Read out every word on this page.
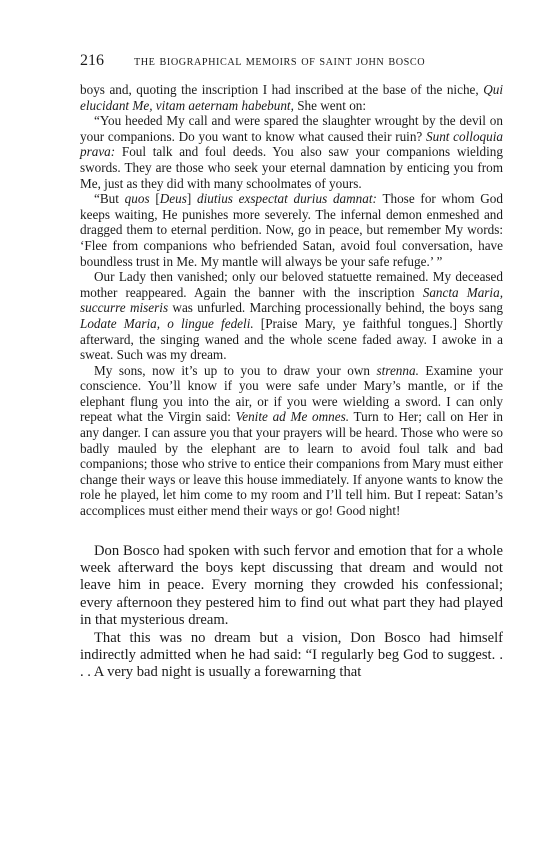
216	THE BIOGRAPHICAL MEMOIRS OF SAINT JOHN BOSCO

boys and, quoting the inscription I had inscribed at the base of the niche, Qui elucidant Me, vitam aeternam habebunt, She went on:

“You heeded My call and were spared the slaughter wrought by the devil on your companions. Do you want to know what caused their ruin? Sunt colloquia prava: Foul talk and foul deeds. You also saw your companions wielding swords. They are those who seek your eternal damnation by enticing you from Me, just as they did with many schoolmates of yours.

“But quos [Deus] diutius exspectat durius damnat: Those for whom God keeps waiting, He punishes more severely. The infernal demon enmeshed and dragged them to eternal perdition. Now, go in peace, but remember My words: ‘Flee from companions who befriended Satan, avoid foul conversation, have boundless trust in Me. My mantle will always be your safe refuge.’ ”

Our Lady then vanished; only our beloved statuette remained. My deceased mother reappeared. Again the banner with the inscription Sancta Maria, succurre miseris was unfurled. Marching processionally behind, the boys sang Lodate Maria, o lingue fedeli. [Praise Mary, ye faithful tongues.] Shortly afterward, the singing waned and the whole scene faded away. I awoke in a sweat. Such was my dream.

My sons, now it’s up to you to draw your own strenna. Examine your conscience. You’ll know if you were safe under Mary’s mantle, or if the elephant flung you into the air, or if you were wielding a sword. I can only repeat what the Virgin said: Venite ad Me omnes. Turn to Her; call on Her in any danger. I can assure you that your prayers will be heard. Those who were so badly mauled by the elephant are to learn to avoid foul talk and bad companions; those who strive to entice their companions from Mary must either change their ways or leave this house immediately. If anyone wants to know the role he played, let him come to my room and I’ll tell him. But I repeat: Satan’s accomplices must either mend their ways or go! Good night!

Don Bosco had spoken with such fervor and emotion that for a whole week afterward the boys kept discussing that dream and would not leave him in peace. Every morning they crowded his confessional; every afternoon they pestered him to find out what part they had played in that mysterious dream.

That this was no dream but a vision, Don Bosco had himself indirectly admitted when he had said: “I regularly beg God to suggest. . . . A very bad night is usually a forewarning that
